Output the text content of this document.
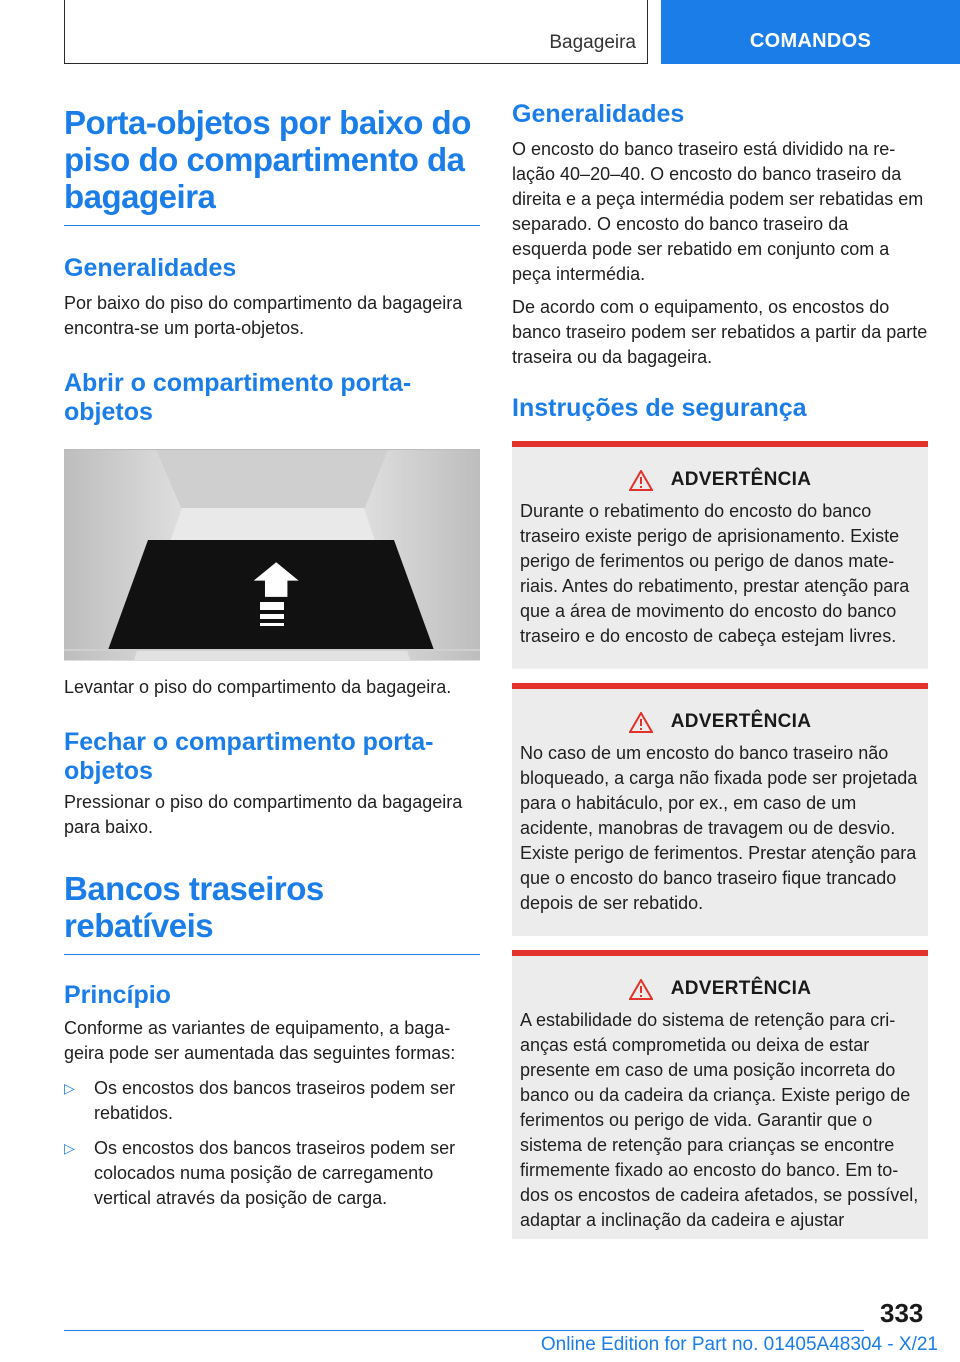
Bagageira	COMANDOS
Porta-objetos por baixo do piso do compartimento da bagageira
Generalidades

Por baixo do piso do compartimento da bagageira encontra-se um porta-objetos.

Abrir o compartimento porta-objetos

Levantar o piso do compartimento da bagageira.

Fechar o compartimento porta-objetos

Pressionar o piso do compartimento da bagageira para baixo.

Bancos traseiros rebatíveis
Princípio

Conforme as variantes de equipamento, a bagageira pode ser aumentada das seguintes formas:

▷	Os encostos dos bancos traseiros podem ser rebatidos.

▷	Os encostos dos bancos traseiros podem ser colocados numa posição de carregamento vertical através da posição de carga.

Generalidades

O encosto do banco traseiro está dividido na relação 40–20–40. O encosto do banco traseiro da direita e a peça intermédia podem ser rebatidas em separado. O encosto do banco traseiro da esquerda pode ser rebatido em conjunto com a peça intermédia.

De acordo com o equipamento, os encostos do banco traseiro podem ser rebatidos a partir da parte traseira ou da bagageira.

Instruções de segurança
ADVERTÊNCIA

Durante o rebatimento do encosto do banco traseiro existe perigo de aprisionamento. Existe perigo de ferimentos ou perigo de danos materiais. Antes do rebatimento, prestar atenção para que a área de movimento do encosto do banco traseiro e do encosto de cabeça estejam livres.

ADVERTÊNCIA

No caso de um encosto do banco traseiro não bloqueado, a carga não fixada pode ser projetada para o habitáculo, por ex., em caso de um acidente, manobras de travagem ou de desvio. Existe perigo de ferimentos. Prestar atenção para que o encosto do banco traseiro fique trancado depois de ser rebatido.

ADVERTÊNCIA

A estabilidade do sistema de retenção para crianças está comprometida ou deixa de estar presente em caso de uma posição incorreta do banco ou da cadeira da criança. Existe perigo de ferimentos ou perigo de vida. Garantir que o sistema de retenção para crianças se encontre firmemente fixado ao encosto do banco. Em todos os encostos de cadeira afetados, se possível, adaptar a inclinação da cadeira e ajustar

333
Online Edition for Part no. 01405A48304 - X/21
